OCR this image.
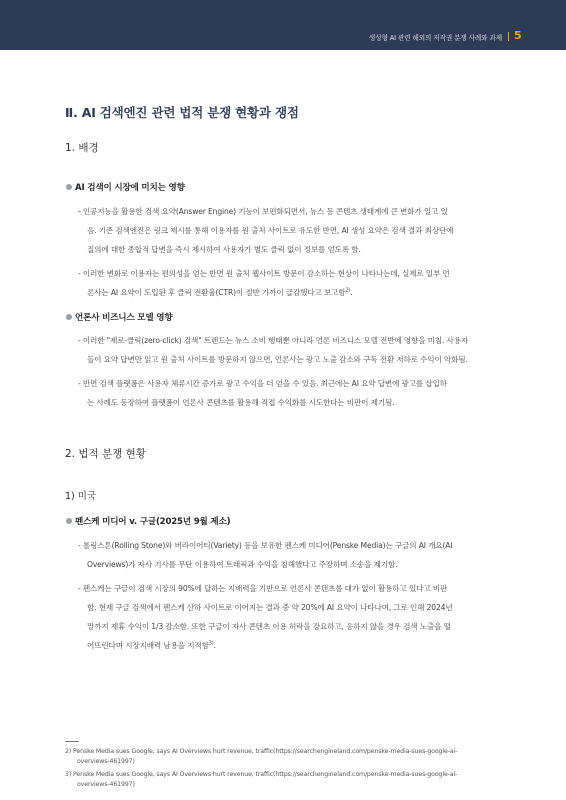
생성형 AI 관련 해외의 저작권 분쟁 사례와 과제 5
Ⅱ. AI 검색엔진 관련 법적 분쟁 현황과 쟁점
1. 배경
AI 검색이 시장에 미치는 영향
- 인공지능을 활용한 검색 요약(Answer Engine) 기능이 보편화되면서, 뉴스 등 콘텐츠 생태계에 큰 변화가 일고 있
음. 기존 검색엔진은 링크 제시를 통해 이용자를 원 출처 사이트로 유도한 반면, AI 생성 요약은 검색 결과 최상단에
질의에 대한 종합적 답변을 즉시 제시하여 사용자가 별도 클릭 없이 정보를 얻도록 함.
- 이러한 변화로 이용자는 편의성을 얻는 반면 원 출처 웹사이트 방문이 감소하는 현상이 나타나는데, 실제로 일부 언
론사는 AI 요약이 도입된 후 클릭 전환율(CTR)이 절반 가까이 급감했다고 보고함$^{2)}$.
언론사 비즈니스 모델 영향
- 이러한 "제로-클릭(zero-click) 검색" 트렌드는 뉴스 소비 행태뿐 아니라 언론 비즈니스 모델 전반에 영향을 미침. 사용자
들이 요약 답변만 읽고 원 출처 사이트를 방문하지 않으면, 언론사는 광고 노출 감소와 구독 전환 저하로 수익이 악화됨.
- 반면 검색 플랫폼은 사용자 체류시간 증가로 광고 수익을 더 얻을 수 있음. 최근에는 AI 요약 답변에 광고를 삽입하
는 사례도 등장하여 플랫폼이 언론사 콘텐츠를 활용해 직접 수익화를 시도한다는 비판이 제기됨.
2. 법적 분쟁 현황
1) 미국
펜스케 미디어 v. 구글(2025년 9월 제소)
- 롤링스톤(Rolling Stone)와 버라이어티(Variety) 등을 보유한 펜스케 미디어(Penske Media)는 구글의 AI 개요(AI
Overviews)가 자사 기사를 무단 이용하여 트래픽과 수익을 침해했다고 주장하며 소송을 제기함.
- 펜스케는 구글이 검색 시장의 90%에 달하는 지배력을 기반으로 언론사 콘텐츠를 대가 없이 활용하고 있다고 비판
함. 현재 구글 검색에서 펜스케 산하 사이트로 이어지는 결과 중 약 20%에 AI 요약이 나타나며, 그로 인해 2024년
말까지 제휴 수익이 1/3 감소함. 또한 구글이 자사 콘텐츠 이용 허락을 강요하고, 응하지 않을 경우 검색 노출을 떨
어뜨린다며 시장지배력 남용을 지적함$^{3)}$.
2) Penske Media sues Google, says AI Overviews hurt revenue, traffic(https://searchengineland.com/penske-media-sues-google-ai-
overviews-461997)
3) Penske Media sues Google, says AI Overviews hurt revenue, traffic(https://searchengineland.com/penske-media-sues-google-ai-
overviews-461997)
